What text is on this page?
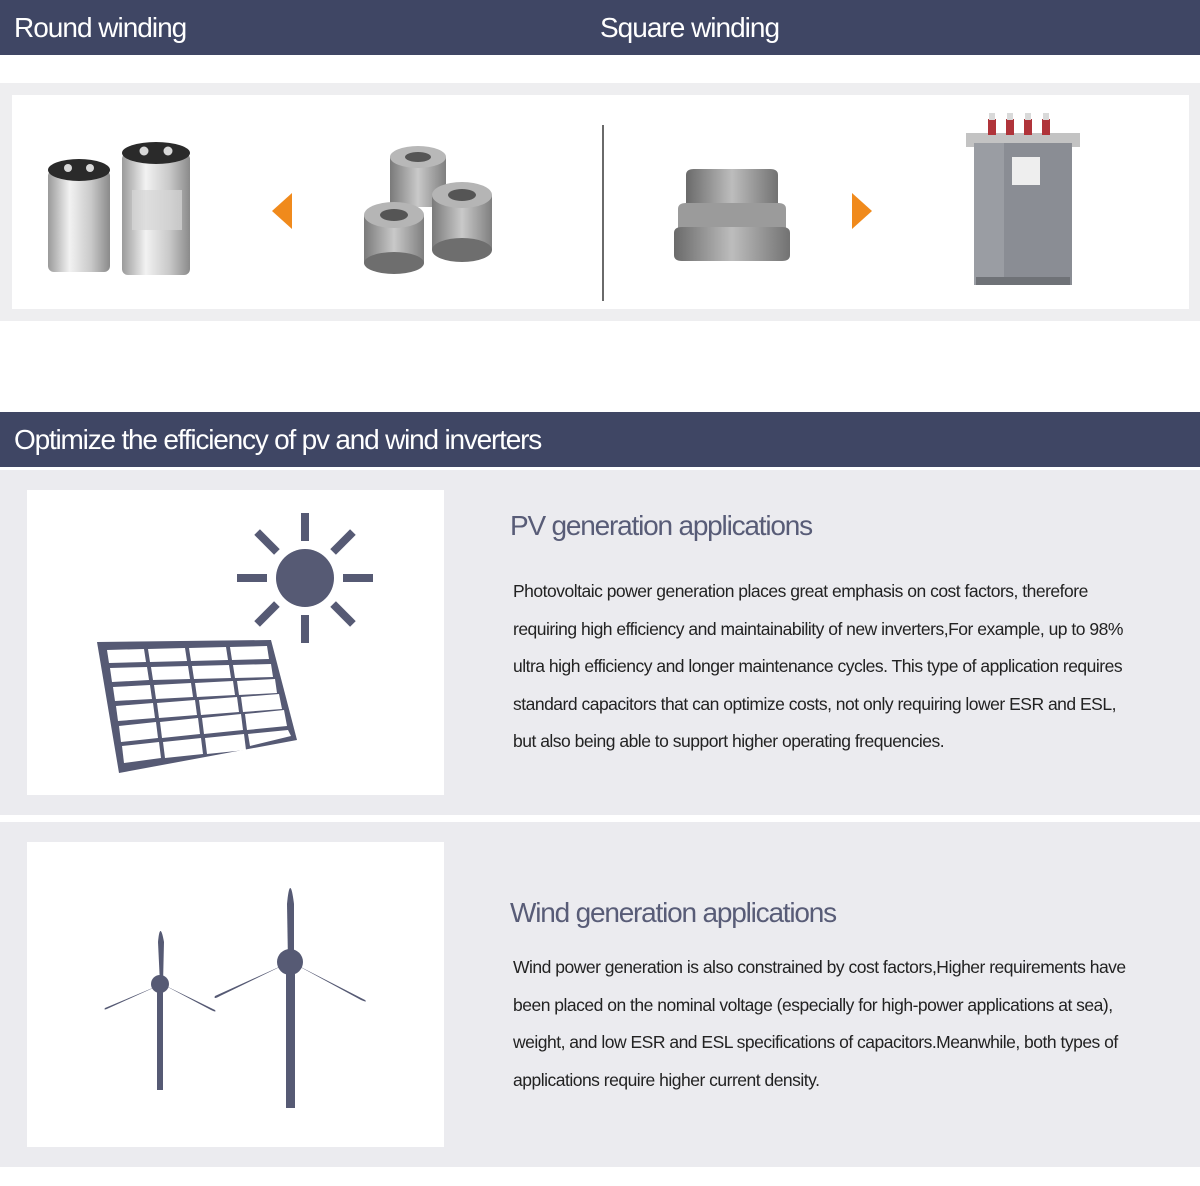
Round winding	Square winding
Optimize the efficiency of pv and wind inverters
PV generation applications
Photovoltaic power generation places great emphasis on cost factors, therefore requiring high efficiency and maintainability of new inverters,For example, up to 98% ultra high efficiency and longer maintenance cycles. This type of application requires standard capacitors that can optimize costs, not only requiring lower ESR and ESL, but also being able to support higher operating frequencies.
Wind generation applications
Wind power generation is also constrained by cost factors,Higher requirements have been placed on the nominal voltage (especially for high-power applications at sea), weight, and low ESR and ESL specifications of capacitors.Meanwhile, both types of applications require higher current density.
